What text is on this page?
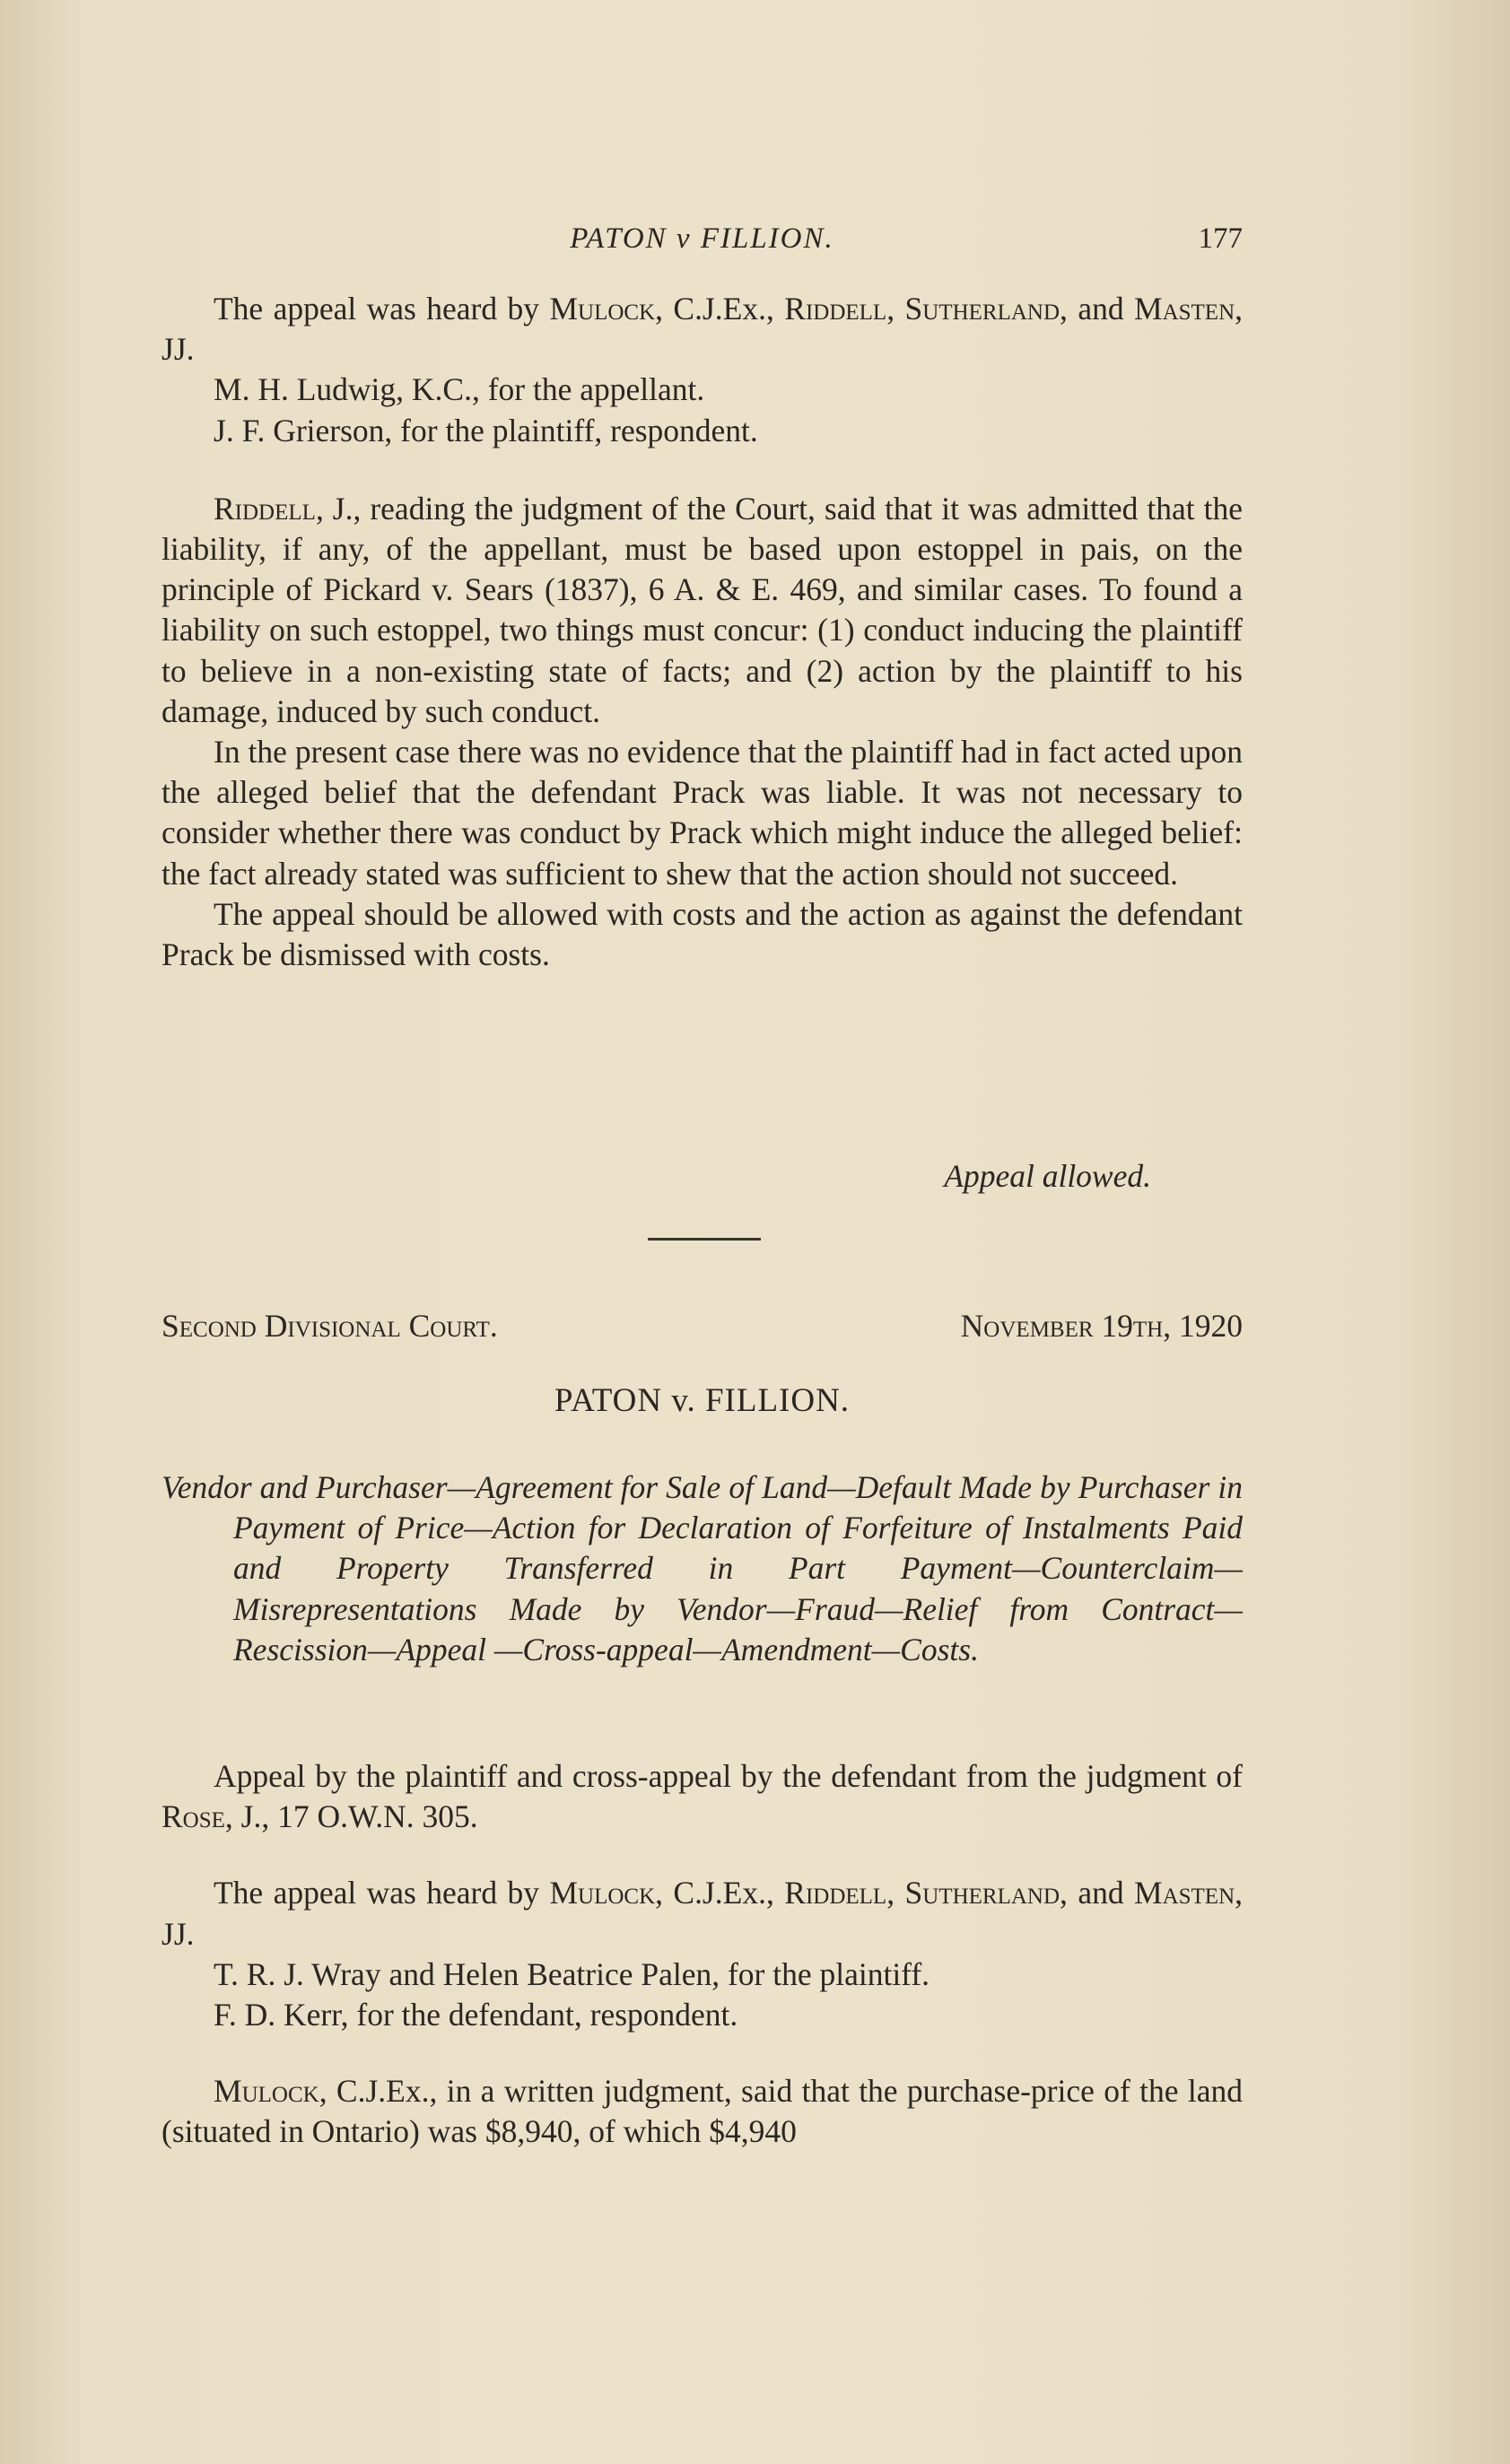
PATON v FILLION.	177

The appeal was heard by Mulock, C.J.Ex., Riddell, Sutherland, and Masten, JJ.

M. H. Ludwig, K.C., for the appellant.

J. F. Grierson, for the plaintiff, respondent.

Riddell, J., reading the judgment of the Court, said that it was admitted that the liability, if any, of the appellant, must be based upon estoppel in pais, on the principle of Pickard v. Sears (1837), 6 A. & E. 469, and similar cases. To found a liability on such estoppel, two things must concur: (1) conduct inducing the plaintiff to believe in a non-existing state of facts; and (2) action by the plaintiff to his damage, induced by such conduct.

In the present case there was no evidence that the plaintiff had in fact acted upon the alleged belief that the defendant Prack was liable. It was not necessary to consider whether there was conduct by Prack which might induce the alleged belief: the fact already stated was sufficient to shew that the action should not succeed.

The appeal should be allowed with costs and the action as against the defendant Prack be dismissed with costs.

Appeal allowed.
Second Divisional Court.	November 19th, 1920
PATON v. FILLION.
Vendor and Purchaser—Agreement for Sale of Land—Default Made by Purchaser in Payment of Price—Action for Declaration of Forfeiture of Instalments Paid and Property Transferred in Part Payment—Counterclaim—Misrepresentations Made by Vendor—Fraud—Relief from Contract—Rescission—Appeal —Cross-appeal—Amendment—Costs.

Appeal by the plaintiff and cross-appeal by the defendant from the judgment of Rose, J., 17 O.W.N. 305.

The appeal was heard by Mulock, C.J.Ex., Riddell, Sutherland, and Masten, JJ.

T. R. J. Wray and Helen Beatrice Palen, for the plaintiff.

F. D. Kerr, for the defendant, respondent.

Mulock, C.J.Ex., in a written judgment, said that the purchase-price of the land (situated in Ontario) was $8,940, of which $4,940
